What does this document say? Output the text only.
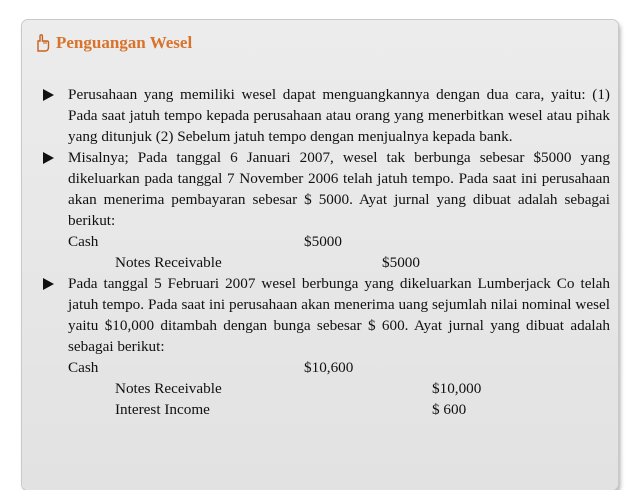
Penguangan Wesel
Perusahaan yang memiliki wesel dapat menguangkannya dengan dua cara, yaitu: (1) Pada saat jatuh tempo kepada perusahaan atau orang yang menerbitkan wesel atau pihak yang ditunjuk (2) Sebelum jatuh tempo dengan menjualnya kepada bank.
Misalnya; Pada tanggal 6 Januari 2007, wesel tak berbunga sebesar $5000 yang dikeluarkan pada tanggal 7 November 2006 telah jatuh tempo. Pada saat ini perusahaan akan menerima pembayaran sebesar $ 5000. Ayat jurnal yang dibuat adalah sebagai berikut:
Cash	$5000
Notes Receivable	$5000
Pada tanggal 5 Februari 2007 wesel berbunga yang dikeluarkan Lumberjack Co telah jatuh tempo. Pada saat ini perusahaan akan menerima uang sejumlah nilai nominal wesel yaitu $10,000 ditambah dengan bunga sebesar $ 600. Ayat jurnal yang dibuat adalah sebagai berikut:
Cash	$10,600
Notes Receivable	$10,000
Interest Income	$ 600
